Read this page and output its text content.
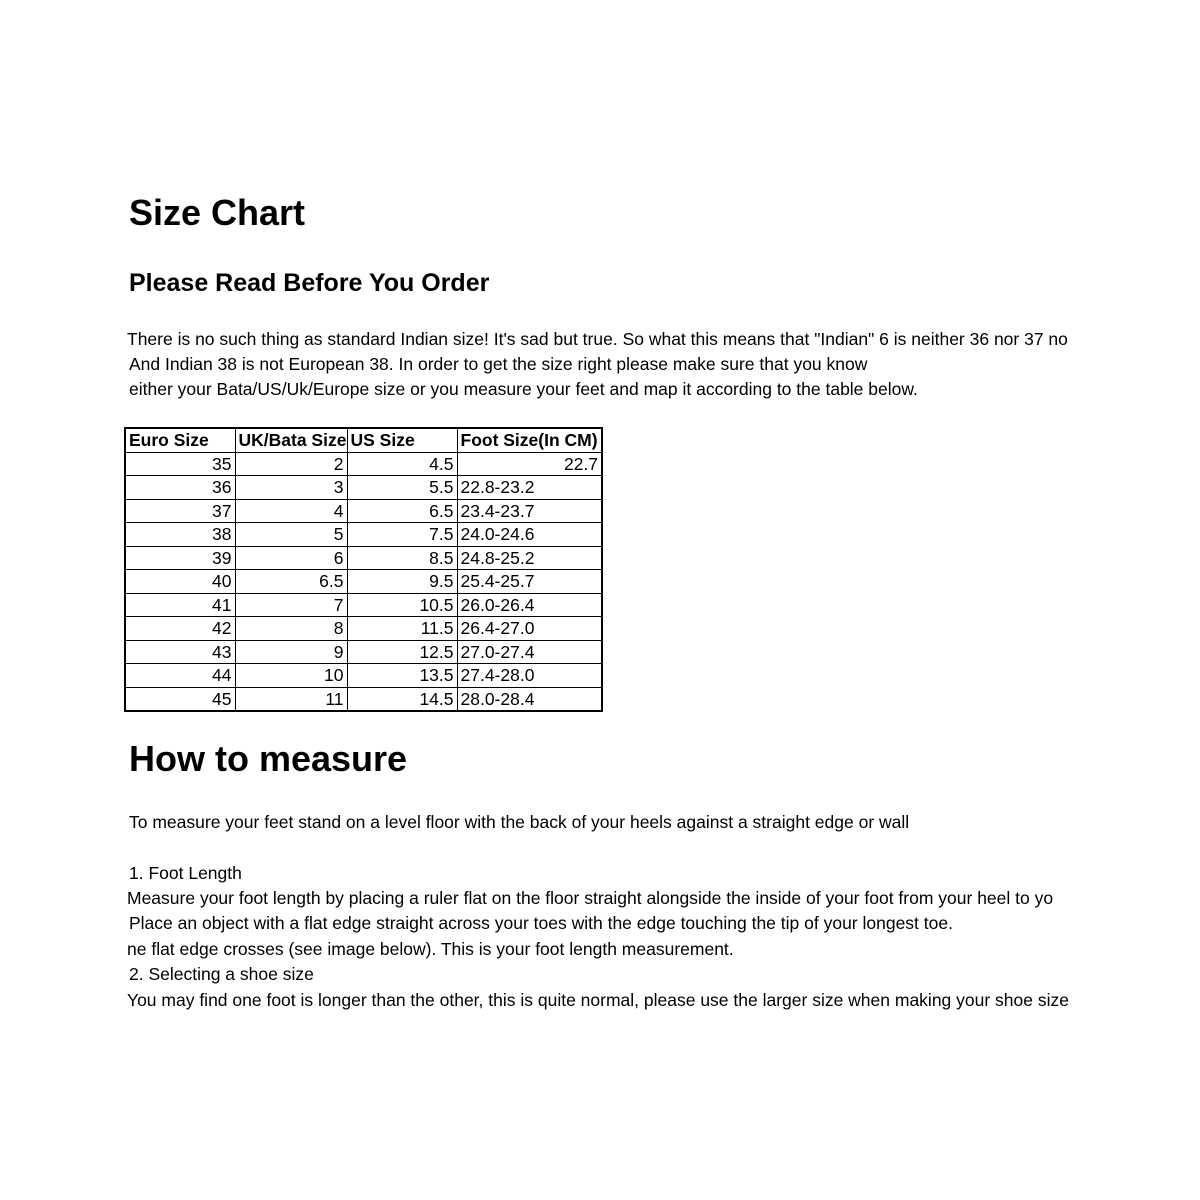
Size Chart
Please Read Before You Order
There is no such thing as standard Indian size! It's sad but true. So what this means that "Indian" 6 is neither 36 nor 37 no
And Indian 38 is not European 38. In order to get the size right please make sure that you know
either your Bata/US/Uk/Europe size or you measure your feet and map it according to the table below.
Euro Size	UK/Bata Size	US Size	Foot Size(In CM)
35	2	4.5	22.7
36	3	5.5	22.8-23.2
37	4	6.5	23.4-23.7
38	5	7.5	24.0-24.6
39	6	8.5	24.8-25.2
40	6.5	9.5	25.4-25.7
41	7	10.5	26.0-26.4
42	8	11.5	26.4-27.0
43	9	12.5	27.0-27.4
44	10	13.5	27.4-28.0
45	11	14.5	28.0-28.4
How to measure
To measure your feet stand on a level floor with the back of your heels against a straight edge or wall
1. Foot Length
Measure your foot length by placing a ruler flat on the floor straight alongside the inside of your foot from your heel to yo
Place an object with a flat edge straight across your toes with the edge touching the tip of your longest toe.
ne flat edge crosses (see image below). This is your foot length measurement.
2. Selecting a shoe size
You may find one foot is longer than the other, this is quite normal, please use the larger size when making your shoe size
